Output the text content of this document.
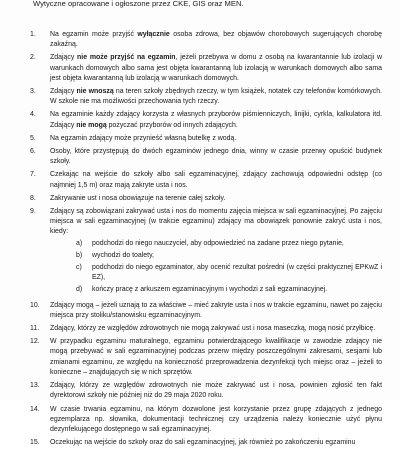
Wytyczne opracowane i ogłoszone przez CKE, GIS oraz MEN.
1.	Na egzamin może przyjść wyłącznie osoba zdrowa, bez objawów chorobowych sugerujących chorobę zakaźną.
2.	Zdający nie może przyjść na egzamin, jeżeli przebywa w domu z osobą na kwarantannie lub izolacji w warunkach domowych albo sama jest objęta kwarantanną lub izolacją w warunkach domowych albo sama jest objęta kwarantanną lub izolacją w warunkach domowych.
3.	Zdający nie wnoszą na teren szkoły zbędnych rzeczy, w tym książek, notatek czy telefonów komórkowych. W szkole nie ma możliwości przechowania tych rzeczy.
4.	Na egzaminie każdy zdający korzysta z własnych przyborów piśmienniczych, linijki, cyrkla, kalkulatora itd. Zdający nie mogą pożyczać przyborów od innych zdających.
5.	Na egzamin zdający może przynieść własną butelkę z wodą.
6.	Osoby, które przystępują do dwóch egzaminów jednego dnia, winny w czasie przerwy opuścić budynek szkoły.
7.	Czekając na wejście do szkoły albo sali egzaminacyjnej, zdający zachowują odpowiedni odstęp (co najmniej 1,5 m) oraz mają zakryte usta i nos.
8.	Zakrywanie ust i nosa obowiązuje na terenie całej szkoły.
9.	Zdający są zobowiązani zakrywać usta i nos do momentu zajęcia miejsca w sali egzaminacyjnej. Po zajęciu miejsca w sali egzaminacyjnej (w trakcie egzaminu) zdający ma obowiązek ponownie zakryć usta i nos, kiedy:
a)	podchodzi do niego nauczyciel, aby odpowiedzieć na zadane przez niego pytanie,
b)	wychodzi do toalety,
c)	podchodzi do niego egzaminator, aby ocenić rezultat pośredni (w części praktycznej EPKwZ i EZ),
d)	kończy pracę z arkuszem egzaminacyjnym i wychodzi z sali egzaminacyjnej.
10.	Zdający mogą – jeżeli uznają to za właściwe – mieć zakryte usta i nos w trakcie egzaminu, nawet po zajęciu miejsca przy stoliku/stanowisku egzaminacyjnym.
11.	Zdający, którzy ze względów zdrowotnych nie mogą zakrywać ust i nosa maseczką, mogą nosić przyłbicę.
12.	W przypadku egzaminu maturalnego, egzaminu potwierdzającego kwalifikacje w zawodzie zdający nie mogą przebywać w sali egzaminacyjnej podczas przerw między poszczególnymi zakresami, sesjami lub zmianami egzaminu, ze względu na konieczność przeprowadzenia dezynfekcji tych miejsc oraz – jeżeli to konieczne – znajdujących się w nich sprzętów.
13.	Zdający, którzy ze względów zdrowotnych nie może zakrywać ust i nosa, powinien zgłosić ten fakt dyrektorowi szkoły nie później niż do 29 maja 2020 roku.
14.	W czasie trwania egzaminu, na którym dozwolone jest korzystanie przez grupę zdających z jednego egzemplarza np. słownika, dokumentacji technicznej czy urządzenia należy koniecznie użyć płynu dezynfekującego dostępnego w sali egzaminacyjnej.
15.	Oczekując na wejście do szkoły oraz do sali egzaminacyjnej, jak również po zakończeniu egzaminu
